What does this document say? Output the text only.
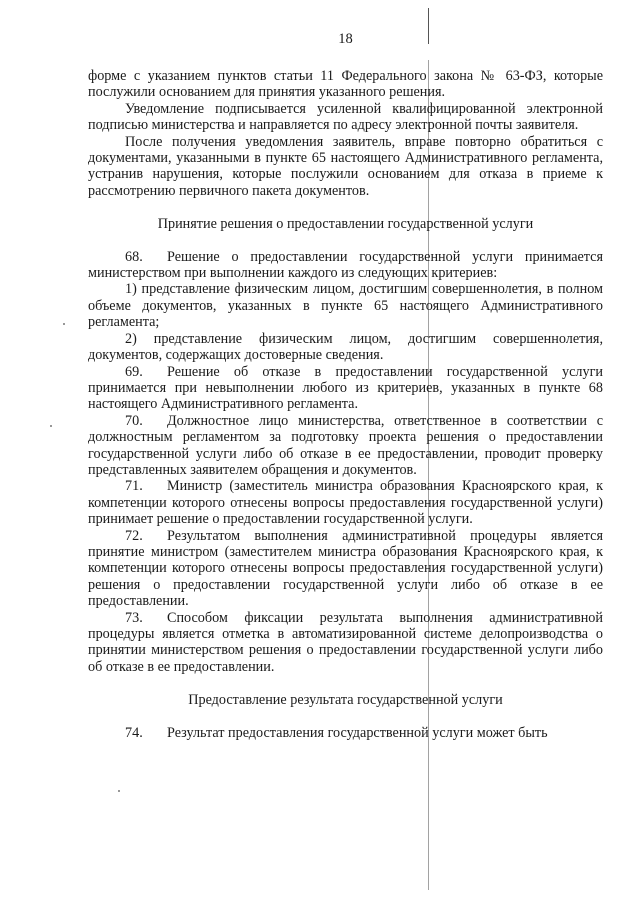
18

форме с указанием пунктов статьи 11 Федерального закона № 63-ФЗ, которые послужили основанием для принятия указанного решения.

Уведомление подписывается усиленной квалифицированной электронной подписью министерства и направляется по адресу электронной почты заявителя.

После получения уведомления заявитель, вправе повторно обратиться с документами, указанными в пункте 65 настоящего Административного регламента, устранив нарушения, которые послужили основанием для отказа в приеме к рассмотрению первичного пакета документов.

Принятие решения о предоставлении государственной услуги

68. Решение о предоставлении государственной услуги принимается министерством при выполнении каждого из следующих критериев:

1) представление физическим лицом, достигшим совершеннолетия, в полном объеме документов, указанных в пункте 65 настоящего Административного регламента;

2) представление физическим лицом, достигшим совершеннолетия, документов, содержащих достоверные сведения.

69. Решение об отказе в предоставлении государственной услуги принимается при невыполнении любого из критериев, указанных в пункте 68 настоящего Административного регламента.

70. Должностное лицо министерства, ответственное в соответствии с должностным регламентом за подготовку проекта решения о предоставлении государственной услуги либо об отказе в ее предоставлении, проводит проверку представленных заявителем обращения и документов.

71. Министр (заместитель министра образования Красноярского края, к компетенции которого отнесены вопросы предоставления государственной услуги) принимает решение о предоставлении государственной услуги.

72. Результатом выполнения административной процедуры является принятие министром (заместителем министра образования Красноярского края, к компетенции которого отнесены вопросы предоставления государственной услуги) решения о предоставлении государственной услуги либо об отказе в ее предоставлении.

73. Способом фиксации результата выполнения административной процедуры является отметка в автоматизированной системе делопроизводства о принятии министерством решения о предоставлении государственной услуги либо об отказе в ее предоставлении.

Предоставление результата государственной услуги

74. Результат предоставления государственной услуги может быть
